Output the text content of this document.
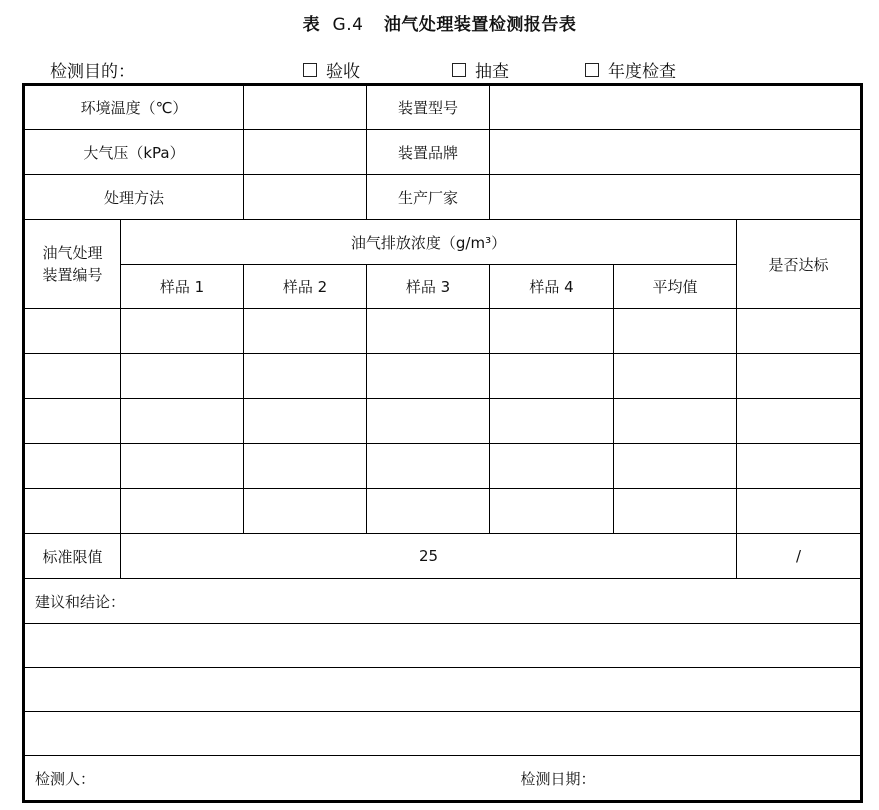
表 G.4 油气处理装置检测报告表
检测目的：	验收	抽查	年度检查
环境温度（℃）			装置型号			
大气压（kPa）			装置品牌			
处理方法			生产厂家			

油气处理
装置编号	油气排放浓度（g/m³）					是否达标
	样品 1	样品 2	样品 3	样品 4	平均值	

标准限值	25					/
建议和结论：						

检测人：				检测日期：		
